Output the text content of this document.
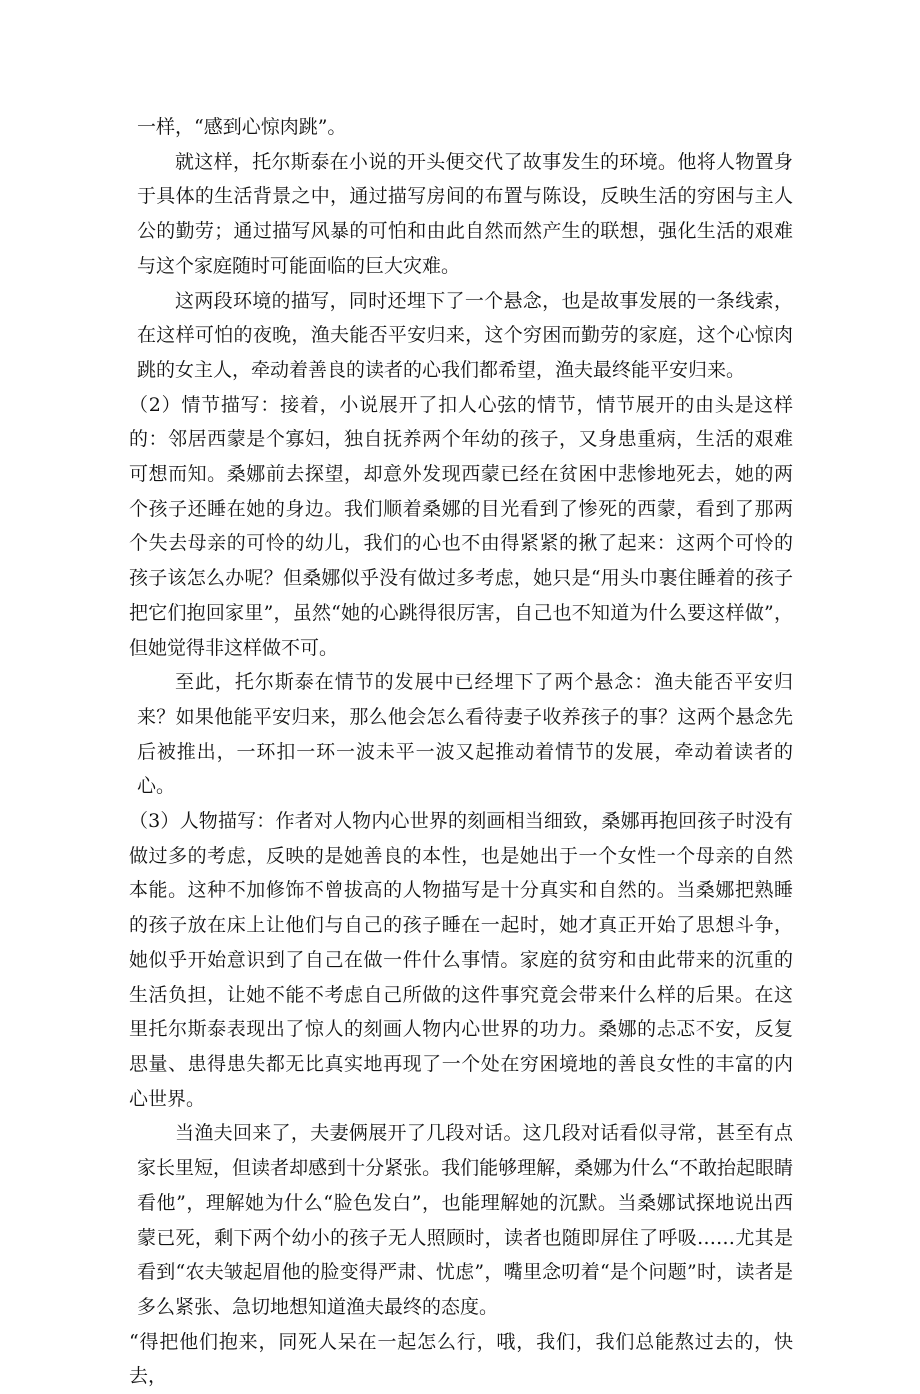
一样，“感到心惊肉跳”。

就这样，托尔斯泰在小说的开头便交代了故事发生的环境。他将人物置身于具体的生活背景之中，通过描写房间的布置与陈设，反映生活的穷困与主人公的勤劳；通过描写风暴的可怕和由此自然而然产生的联想，强化生活的艰难与这个家庭随时可能面临的巨大灾难。

这两段环境的描写，同时还埋下了一个悬念，也是故事发展的一条线索，在这样可怕的夜晚，渔夫能否平安归来，这个穷困而勤劳的家庭，这个心惊肉跳的女主人，牵动着善良的读者的心我们都希望，渔夫最终能平安归来。

（2）情节描写：接着，小说展开了扣人心弦的情节，情节展开的由头是这样的：邻居西蒙是个寡妇，独自抚养两个年幼的孩子，又身患重病，生活的艰难可想而知。桑娜前去探望，却意外发现西蒙已经在贫困中悲惨地死去，她的两个孩子还睡在她的身边。我们顺着桑娜的目光看到了惨死的西蒙，看到了那两个失去母亲的可怜的幼儿，我们的心也不由得紧紧的揪了起来：这两个可怜的孩子该怎么办呢？但桑娜似乎没有做过多考虑，她只是“用头巾裹住睡着的孩子把它们抱回家里”，虽然“她的心跳得很厉害，自己也不知道为什么要这样做”，但她觉得非这样做不可。

至此，托尔斯泰在情节的发展中已经埋下了两个悬念：渔夫能否平安归来？如果他能平安归来，那么他会怎么看待妻子收养孩子的事？这两个悬念先后被推出，一环扣一环一波未平一波又起推动着情节的发展，牵动着读者的心。

（3）人物描写：作者对人物内心世界的刻画相当细致，桑娜再抱回孩子时没有做过多的考虑，反映的是她善良的本性，也是她出于一个女性一个母亲的自然本能。这种不加修饰不曾拔高的人物描写是十分真实和自然的。当桑娜把熟睡的孩子放在床上让他们与自己的孩子睡在一起时，她才真正开始了思想斗争，她似乎开始意识到了自己在做一件什么事情。家庭的贫穷和由此带来的沉重的生活负担，让她不能不考虑自己所做的这件事究竟会带来什么样的后果。在这里托尔斯泰表现出了惊人的刻画人物内心世界的功力。桑娜的忐忑不安，反复思量、患得患失都无比真实地再现了一个处在穷困境地的善良女性的丰富的内心世界。

当渔夫回来了，夫妻俩展开了几段对话。这几段对话看似寻常，甚至有点家长里短，但读者却感到十分紧张。我们能够理解，桑娜为什么“不敢抬起眼睛看他”，理解她为什么“脸色发白”，也能理解她的沉默。当桑娜试探地说出西蒙已死，剩下两个幼小的孩子无人照顾时，读者也随即屏住了呼吸……尤其是看到“农夫皱起眉他的脸变得严肃、忧虑”，嘴里念叨着“是个问题”时，读者是多么紧张、急切地想知道渔夫最终的态度。

“得把他们抱来，同死人呆在一起怎么行，哦，我们，我们总能熬过去的，快去，
